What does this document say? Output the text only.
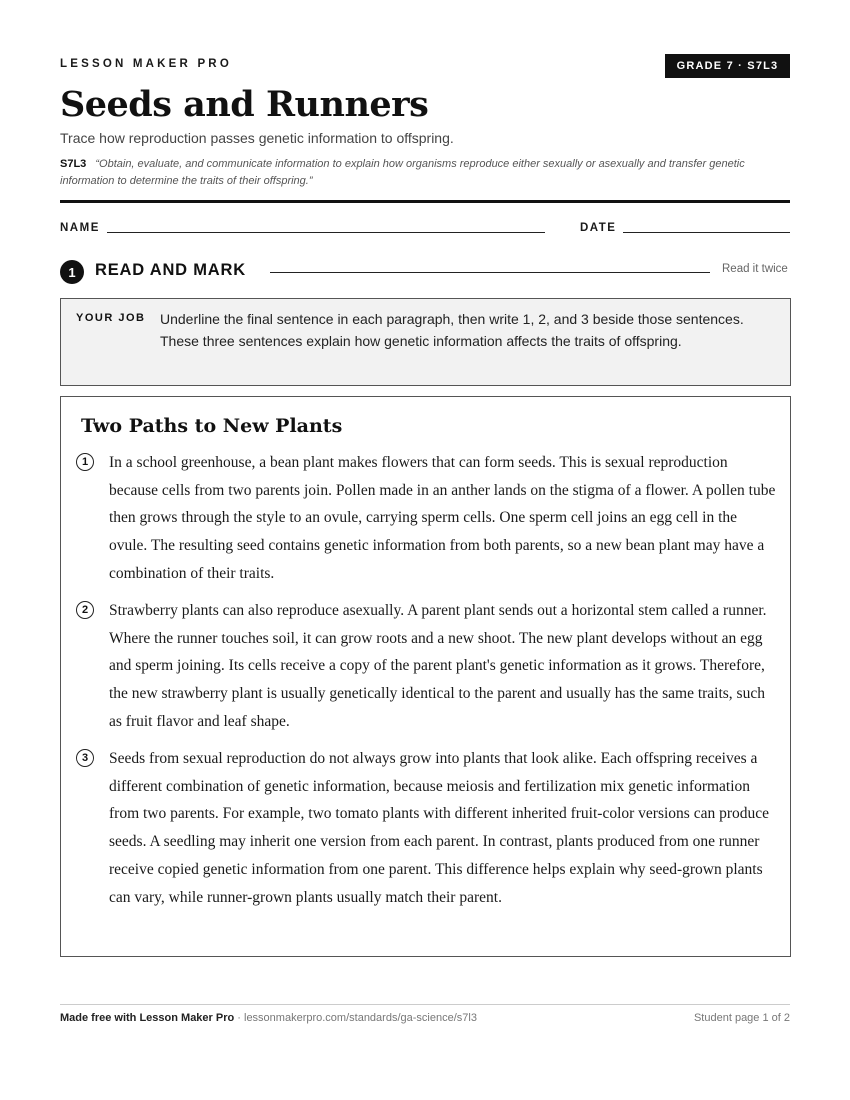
LESSON MAKER PRO	GRADE 7 · S7L3
Seeds and Runners
Trace how reproduction passes genetic information to offspring.
S7L3 “Obtain, evaluate, and communicate information to explain how organisms reproduce either sexually or asexually and transfer genetic information to determine the traits of their offspring.”
NAME	DATE
1	READ AND MARK	Read it twice
YOUR JOB Underline the final sentence in each paragraph, then write 1, 2, and 3 beside those sentences. These three sentences explain how genetic information affects the traits of offspring.
Two Paths to New Plants
1	In a school greenhouse, a bean plant makes flowers that can form seeds. This is sexual reproduction because cells from two parents join. Pollen made in an anther lands on the stigma of a flower. A pollen tube then grows through the style to an ovule, carrying sperm cells. One sperm cell joins an egg cell in the ovule. The resulting seed contains genetic information from both parents, so a new bean plant may have a combination of their traits.

2	Strawberry plants can also reproduce asexually. A parent plant sends out a horizontal stem called a runner. Where the runner touches soil, it can grow roots and a new shoot. The new plant develops without an egg and sperm joining. Its cells receive a copy of the parent plant's genetic information as it grows. Therefore, the new strawberry plant is usually genetically identical to the parent and usually has the same traits, such as fruit flavor and leaf shape.

3	Seeds from sexual reproduction do not always grow into plants that look alike. Each offspring receives a different combination of genetic information, because meiosis and fertilization mix genetic information from two parents. For example, two tomato plants with different inherited fruit-color versions can produce seeds. A seedling may inherit one version from each parent. In contrast, plants produced from one runner receive copied genetic information from one parent. This difference helps explain why seed-grown plants can vary, while runner-grown plants usually match their parent.

Made free with Lesson Maker Pro · lessonmakerpro.com/standards/ga-science/s7l3	Student page 1 of 2
